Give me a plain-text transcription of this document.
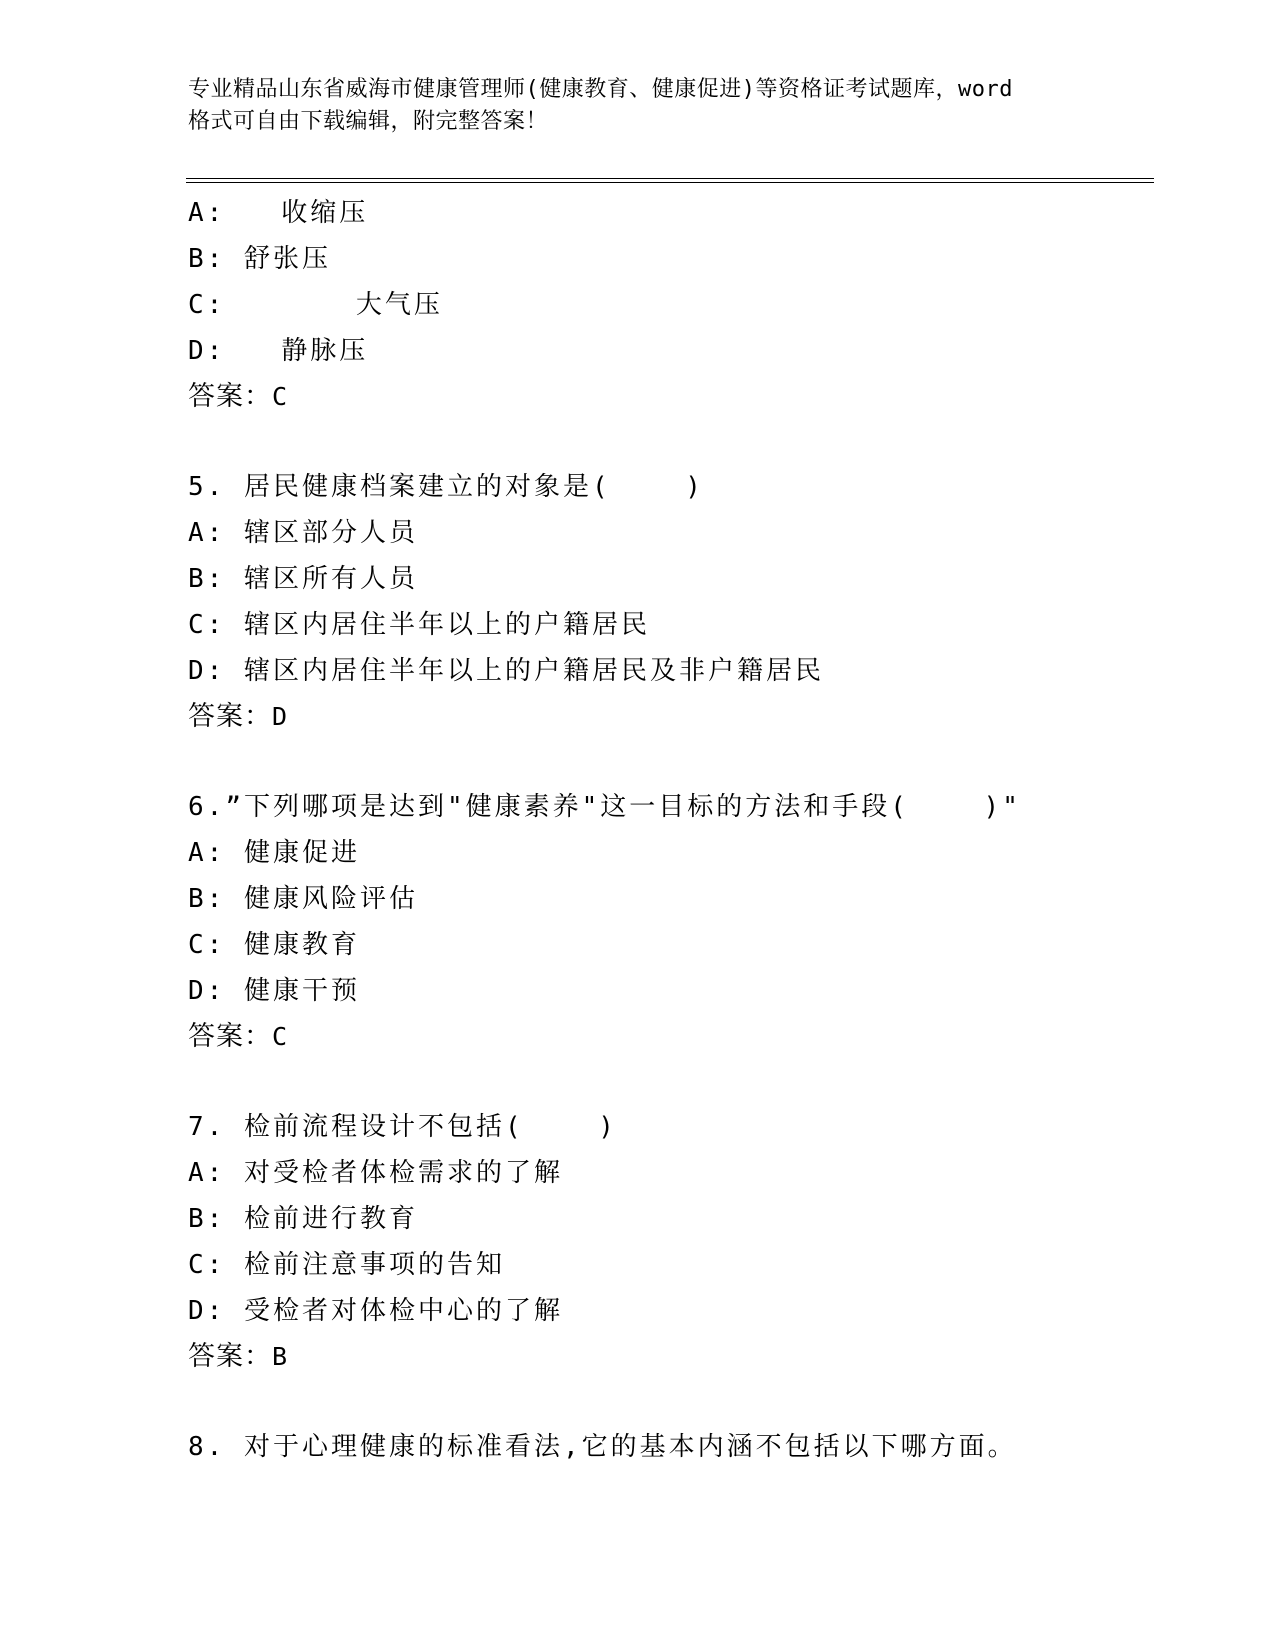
专业精品山东省威海市健康管理师(健康教育、健康促进)等资格证考试题库，word
格式可自由下载编辑，附完整答案！
A:   收缩压
B: 舒张压
C:       大气压
D:   静脉压
答案：C
5. 居民健康档案建立的对象是(    )
A: 辖区部分人员
B: 辖区所有人员
C: 辖区内居住半年以上的户籍居民
D: 辖区内居住半年以上的户籍居民及非户籍居民
答案：D
6.”下列哪项是达到"健康素养"这一目标的方法和手段(    )"
A: 健康促进
B: 健康风险评估
C: 健康教育
D: 健康干预
答案：C
7. 检前流程设计不包括(    )
A: 对受检者体检需求的了解
B: 检前进行教育
C: 检前注意事项的告知
D: 受检者对体检中心的了解
答案：B
8. 对于心理健康的标准看法,它的基本内涵不包括以下哪方面。
